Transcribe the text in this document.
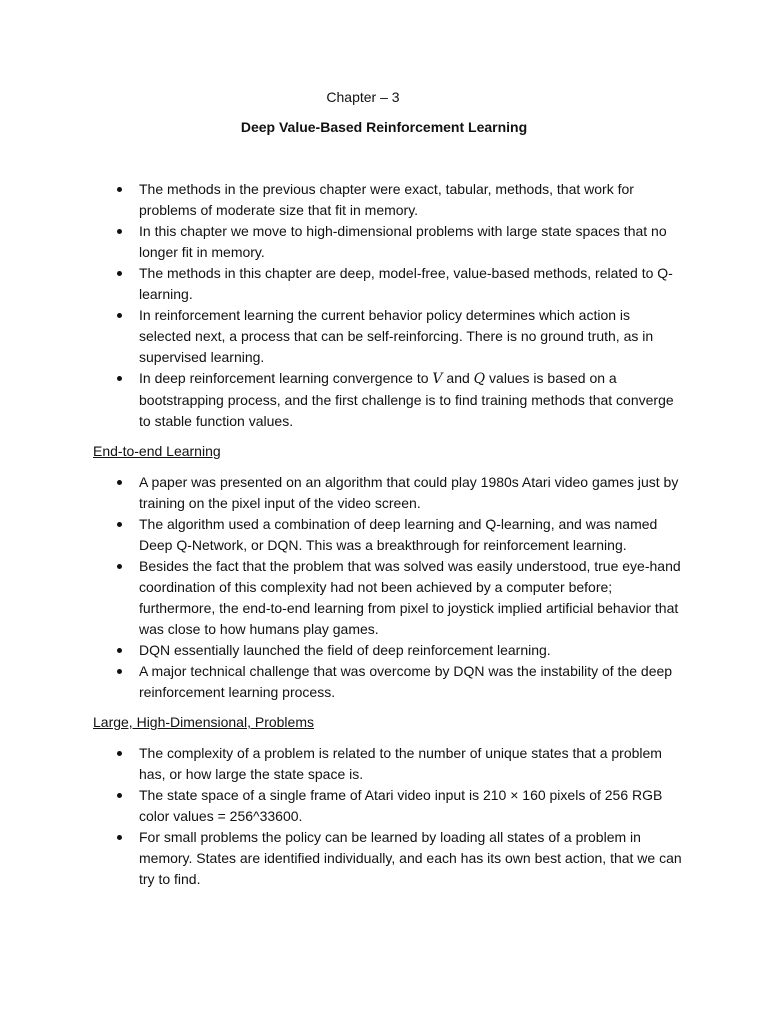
Chapter – 3
Deep Value-Based Reinforcement Learning
The methods in the previous chapter were exact, tabular, methods, that work for problems of moderate size that fit in memory.
In this chapter we move to high-dimensional problems with large state spaces that no longer fit in memory.
The methods in this chapter are deep, model-free, value-based methods, related to Q-learning.
In reinforcement learning the current behavior policy determines which action is selected next, a process that can be self-reinforcing. There is no ground truth, as in supervised learning.
In deep reinforcement learning convergence to V and Q values is based on a bootstrapping process, and the first challenge is to find training methods that converge to stable function values.
End-to-end Learning
A paper was presented on an algorithm that could play 1980s Atari video games just by training on the pixel input of the video screen.
The algorithm used a combination of deep learning and Q-learning, and was named Deep Q-Network, or DQN. This was a breakthrough for reinforcement learning.
Besides the fact that the problem that was solved was easily understood, true eye-hand coordination of this complexity had not been achieved by a computer before; furthermore, the end-to-end learning from pixel to joystick implied artificial behavior that was close to how humans play games.
DQN essentially launched the field of deep reinforcement learning.
A major technical challenge that was overcome by DQN was the instability of the deep reinforcement learning process.
Large, High-Dimensional, Problems
The complexity of a problem is related to the number of unique states that a problem has, or how large the state space is.
The state space of a single frame of Atari video input is 210 × 160 pixels of 256 RGB color values = 256^33600.
For small problems the policy can be learned by loading all states of a problem in memory. States are identified individually, and each has its own best action, that we can try to find.
